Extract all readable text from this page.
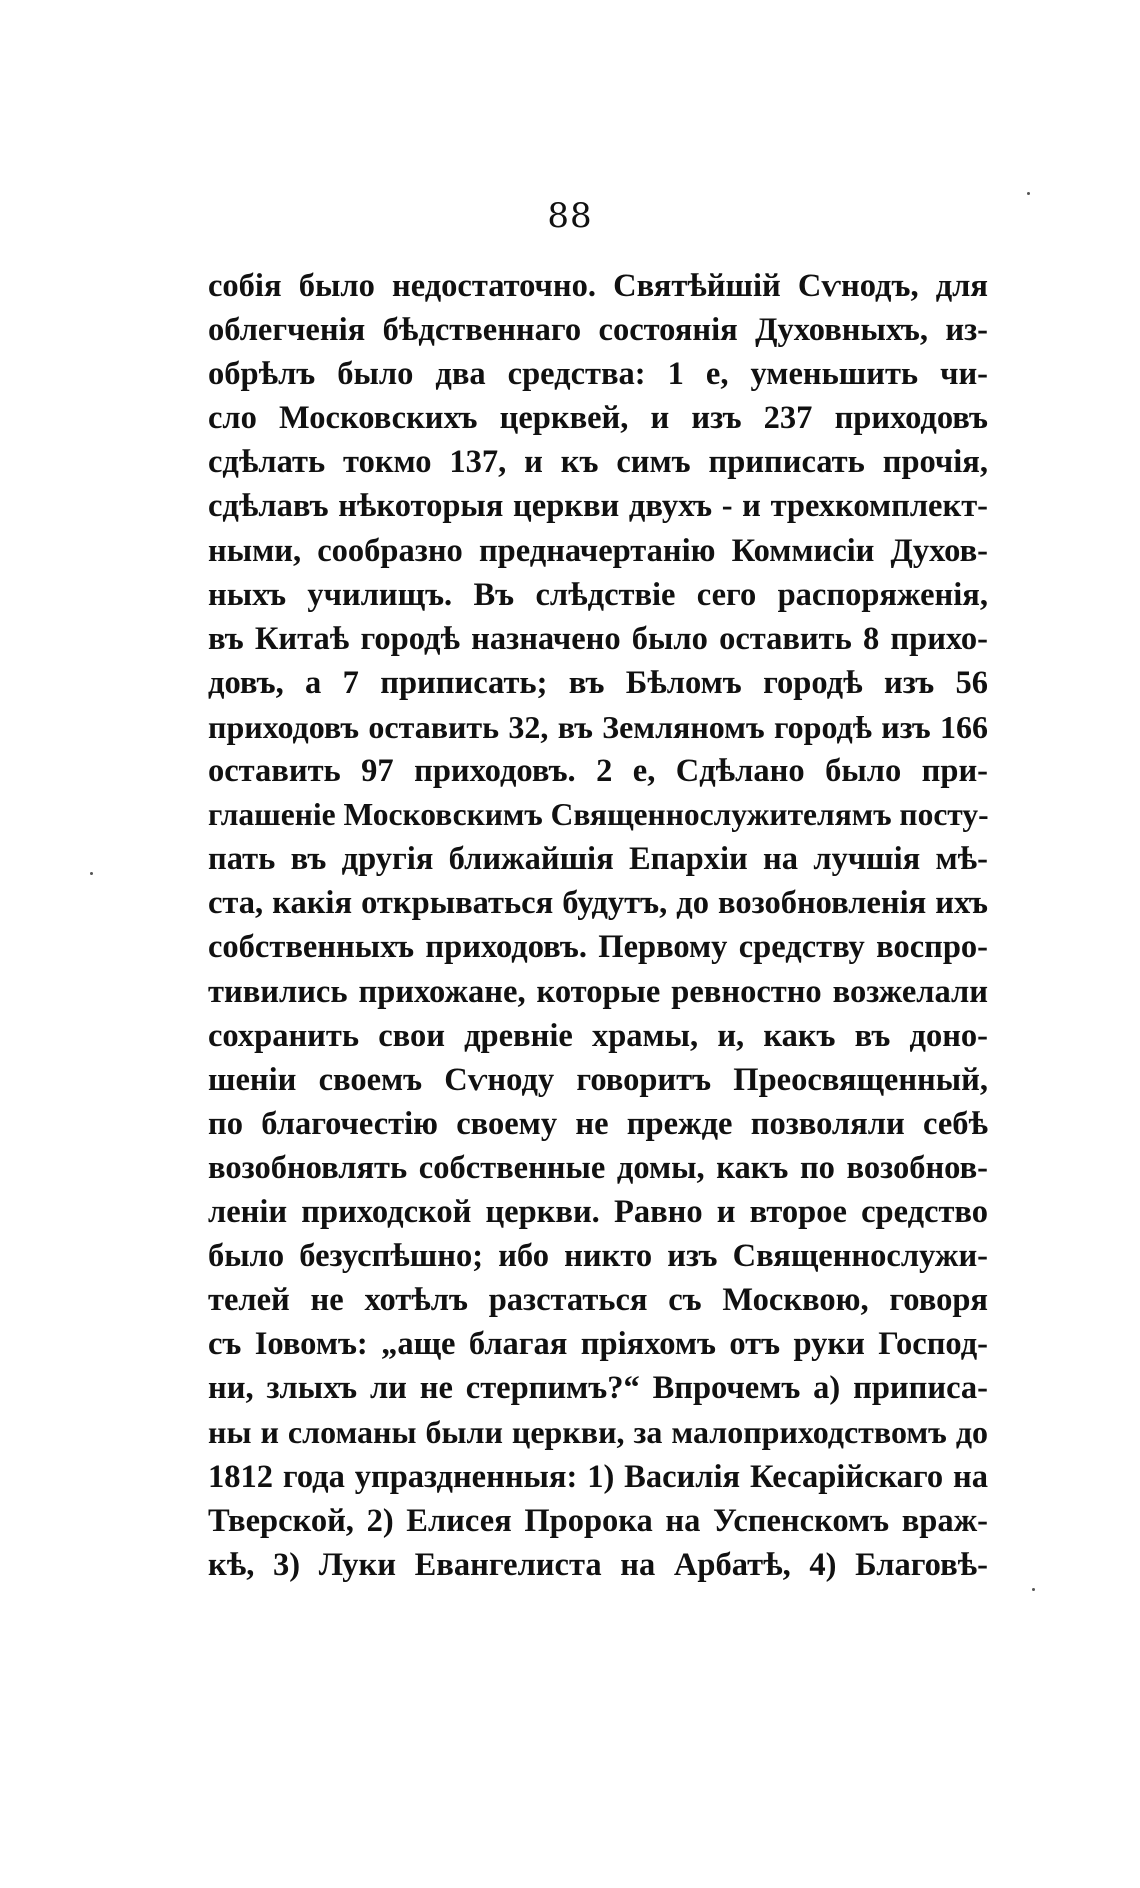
88
собія было недостаточно. Святѣйшій Сѵнодъ, для
облегченія бѣдственнаго состоянія Духовныхъ, из-
обрѣлъ было два средства: 1 е, уменьшить чи-
сло Московскихъ церквей, и изъ 237 приходовъ
сдѣлать токмо 137, и къ симъ приписать прочія,
сдѣлавъ нѣкоторыя церкви двухъ - и трехкомплект-
ными, сообразно предначертанію Коммисіи Духов-
ныхъ училищъ. Въ слѣдствіе сего распоряженія,
въ Китаѣ городѣ назначено было оставить 8 прихо-
довъ, а 7 приписать; въ Бѣломъ городѣ изъ 56
приходовъ оставить 32, въ Земляномъ городѣ изъ 166
оставить 97 приходовъ. 2 е, Сдѣлано было при-
глашеніе Московскимъ Священнослужителямъ посту-
пать въ другія ближайшія Епархіи на лучшія мѣ-
ста, какія открываться будутъ, до возобновленія ихъ
собственныхъ приходовъ. Первому средству воспро-
тивились прихожане, которые ревностно возжелали
сохранить свои древніе храмы, и, какъ въ доно-
шеніи своемъ Сѵноду говоритъ Преосвященный,
по благочестію своему не прежде позволяли себѣ
возобновлять собственные домы, какъ по возобнов-
леніи приходской церкви. Равно и второе средство
было безуспѣшно; ибо никто изъ Священнослужи-
телей не хотѣлъ разстаться съ Москвою, говоря
съ Іовомъ: „аще благая пріяхомъ отъ руки Господ-
ни, злыхъ ли не стерпимъ?“ Впрочемъ а) приписа-
ны и сломаны были церкви, за малоприходствомъ до
1812 года упраздненныя: 1) Василія Кесарійскаго на
Тверской, 2) Елисея Пророка на Успенскомъ враж-
кѣ, 3) Луки Евангелиста на Арбатѣ, 4) Благовѣ-
